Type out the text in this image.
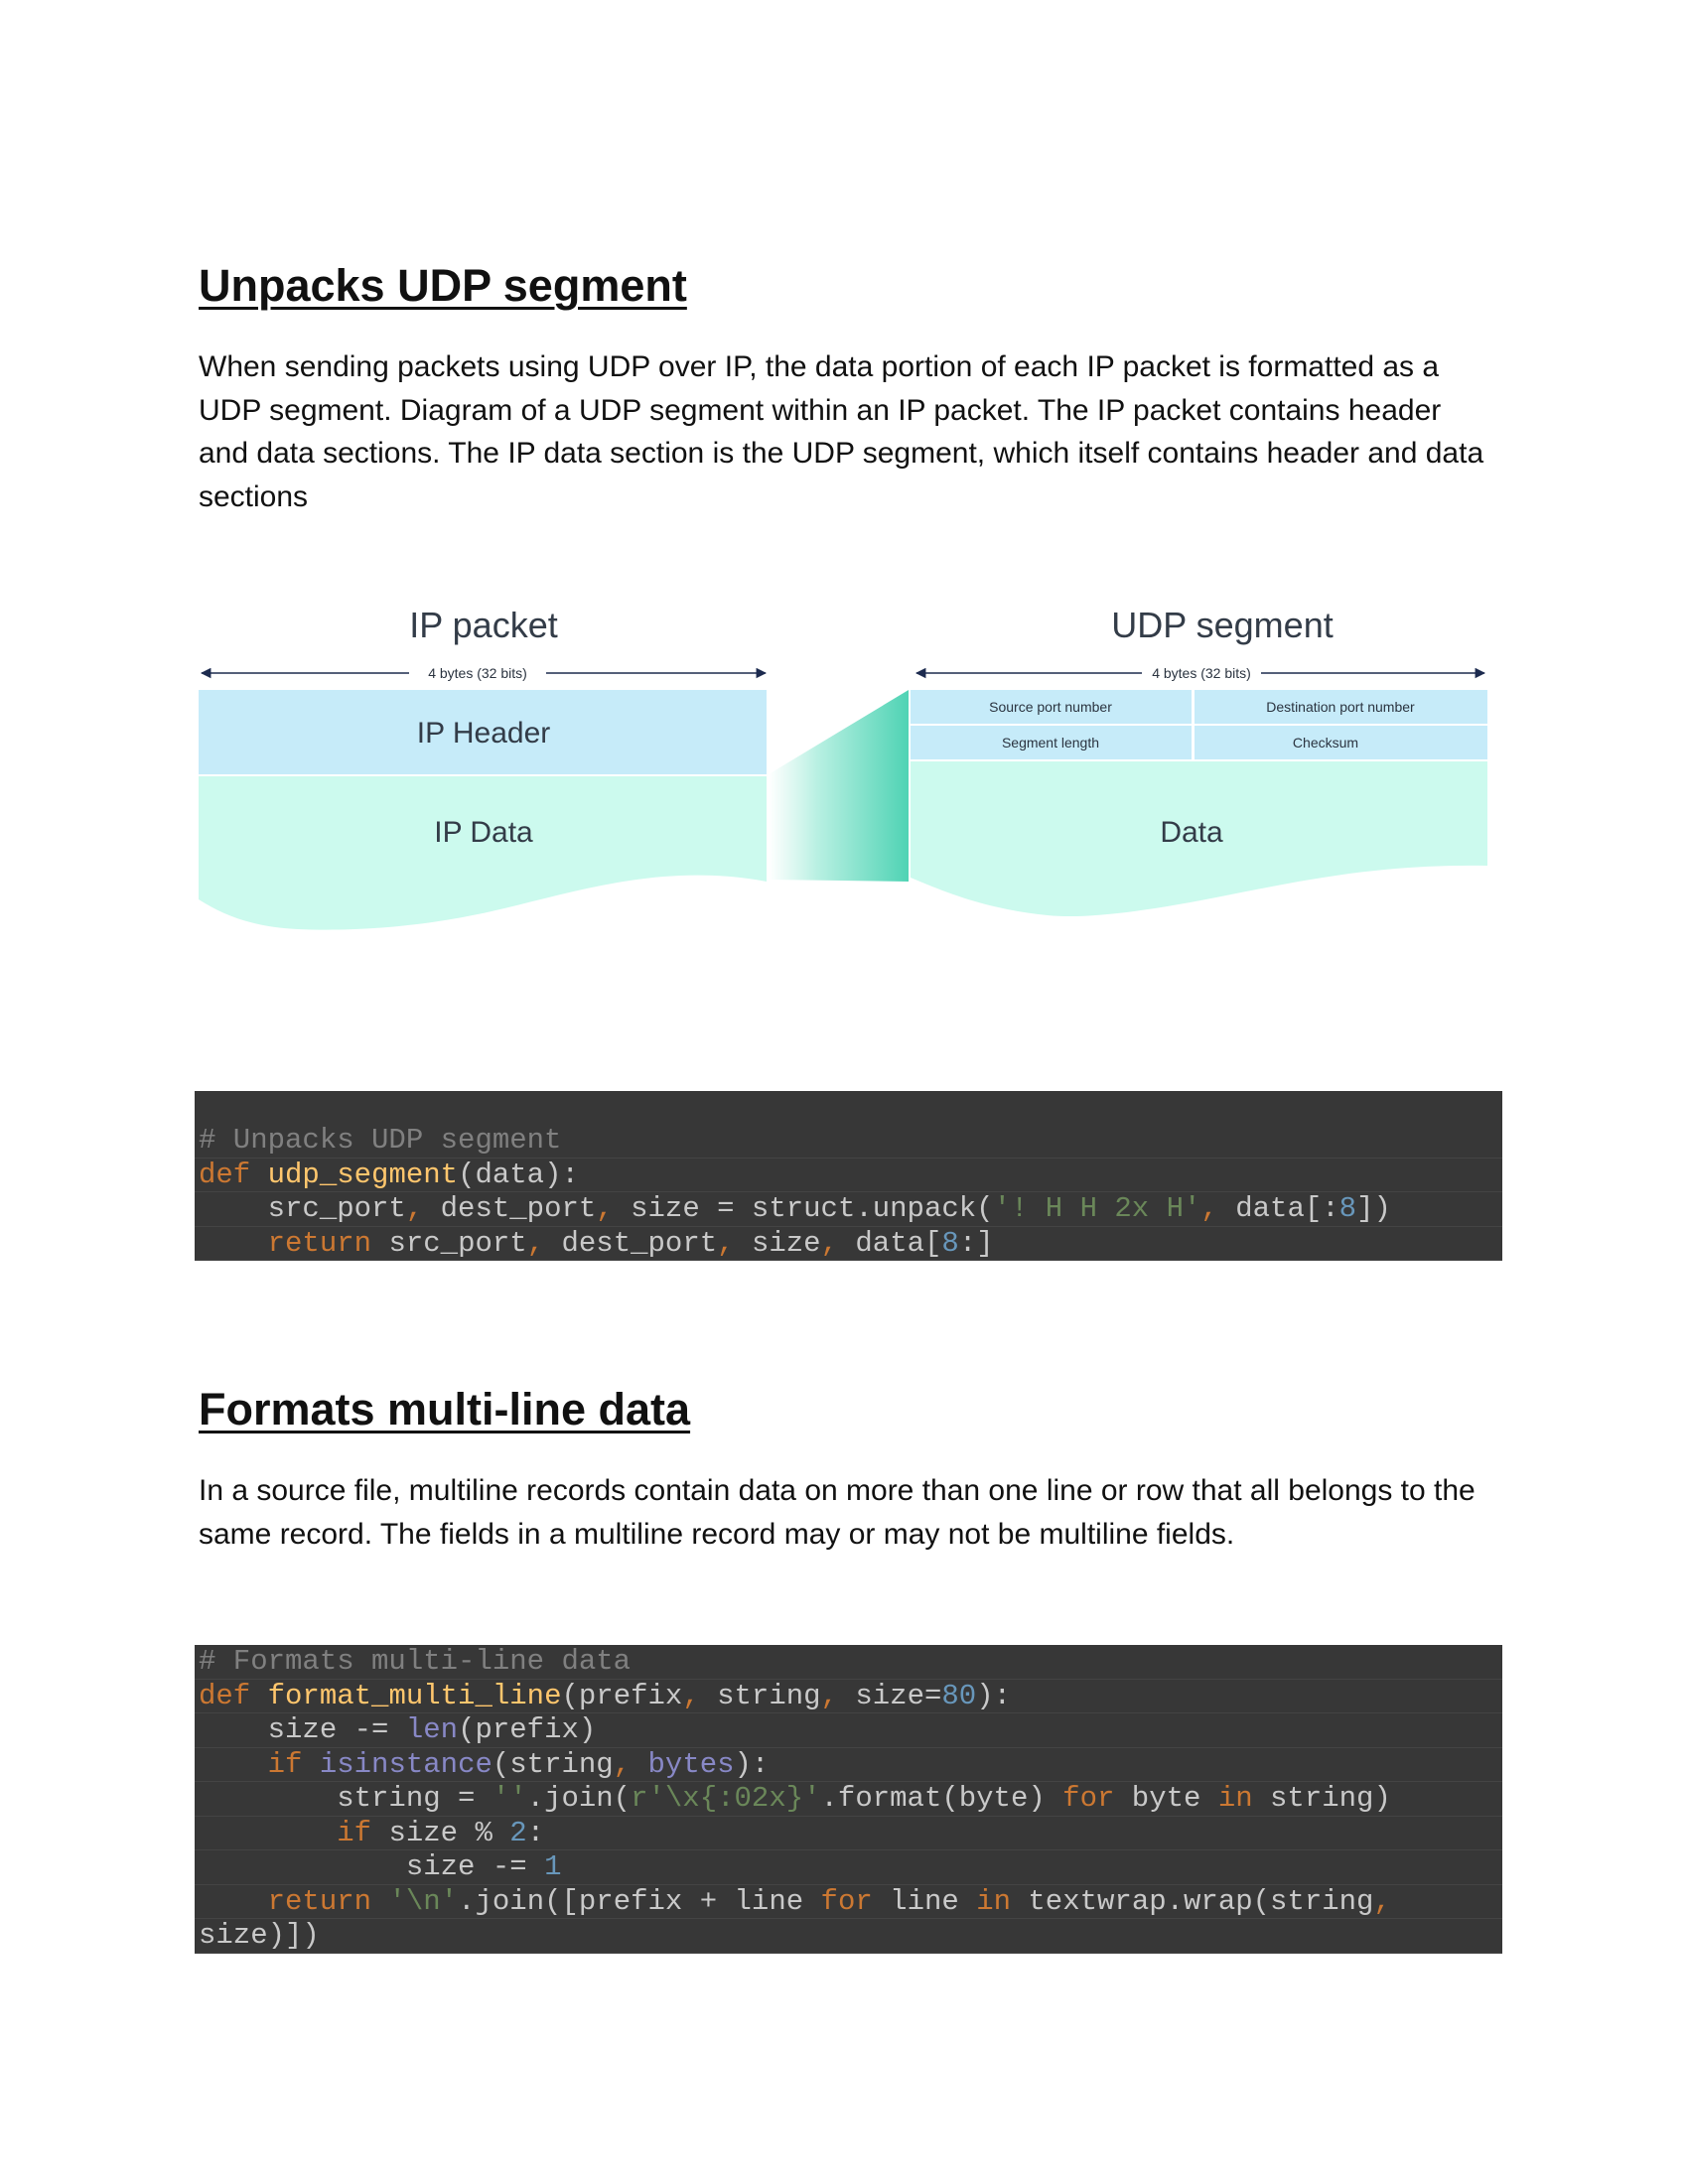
Unpacks UDP segment

When sending packets using UDP over IP, the data portion of each IP packet is formatted as a UDP segment. Diagram of a UDP segment within an IP packet. The IP packet contains header and data sections. The IP data section is the UDP segment, which itself contains header and data sections

IP packet
4 bytes (32 bits)
IP Header
IP Data
UDP segment
4 bytes (32 bits)
Source port number	Destination port number
Segment length	Checksum
Data
# Unpacks UDP segment
def udp_segment(data):
src_port, dest_port, size = struct.unpack('! H H 2x H', data[:8])
return src_port, dest_port, size, data[8:]
Formats multi-line data

In a source file, multiline records contain data on more than one line or row that all belongs to the same record. The fields in a multiline record may or may not be multiline fields.

# Formats multi-line data
def format_multi_line(prefix, string, size=80):
size -= len(prefix)
if isinstance(string, bytes):
string = ''.join(r'\x{:02x}'.format(byte) for byte in string)
if size % 2:
size -= 1
return '\n'.join([prefix + line for line in textwrap.wrap(string,
size)])
